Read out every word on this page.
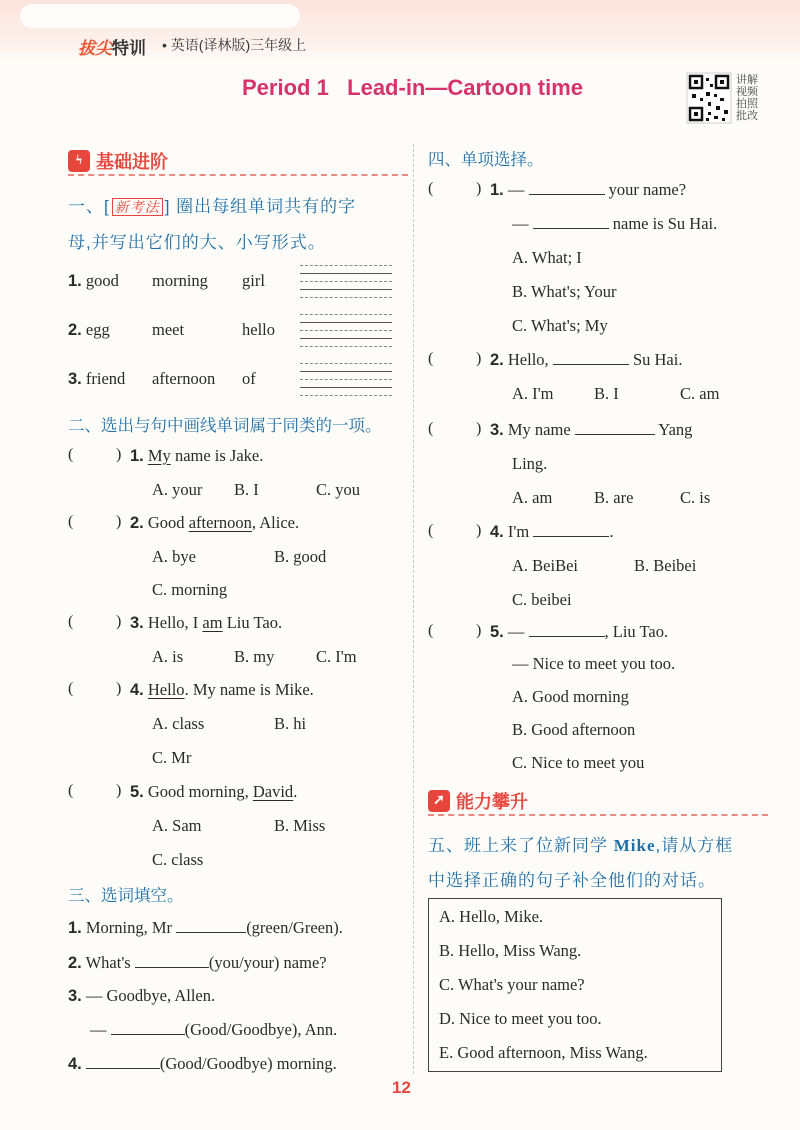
拔尖特训 • 英语(译林版)三年级上
Period 1   Lead-in—Cartoon time	讲解视频拍照批改
ϟ 基础进阶
一、[ 新考法 ] 圈出每组单词共有的字
母,并写出它们的大、小写形式。
1. good morning girl
2. egg	meet	hello
3. friend afternoon of
二、选出与句中画线单词属于同类的一项。
(	) 1. My name is Jake.
A. your B. I	C. you
(	) 2. Good afternoon, Alice.
A. bye	B. good
C. morning
(	) 3. Hello, I am Liu Tao.
A. is	B. my	C. I'm
(	) 4. Hello. My name is Mike.
A. class	B. hi
C. Mr
(	) 5. Good morning, David.
A. Sam	B. Miss
C. class
三、选词填空。
1. Morning, Mr	(green/Green).
2. What's	(you/your) name?
3. — Goodbye, Allen.
—	(Good/Goodbye), Ann.
4.	(Good/Goodbye) morning.
四、单项选择。
(	) 1. —	your name?
—	name is Su Hai.
A. What; I
B. What's; Your
C. What's; My
(	) 2. Hello,	Su Hai.
A. I'm B. I	C. am
(	) 3. My name	Yang
Ling.
A. am	B. are	C. is
(	) 4. I'm	.
A. BeiBei	B. Beibei
C. beibei
(	) 5. —	, Liu Tao.
— Nice to meet you too.
A. Good morning
B. Good afternoon
C. Nice to meet you
➚ 能力攀升
五、班上来了位新同学 Mike,请从方框
中选择正确的句子补全他们的对话。
A. Hello, Mike.
B. Hello, Miss Wang.
C. What's your name?
D. Nice to meet you too.
E. Good afternoon, Miss Wang.
12
